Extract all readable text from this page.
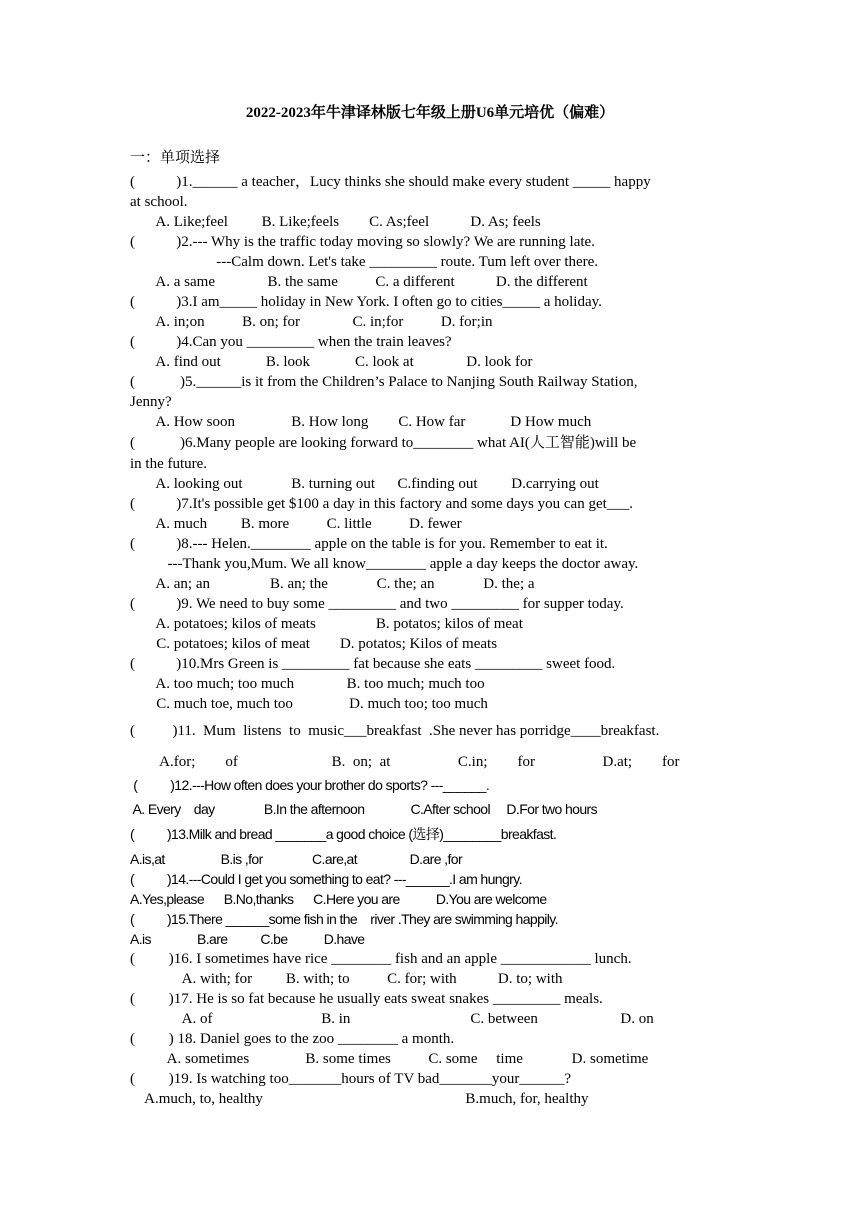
2022-2023年牛津译林版七年级上册U6单元培优（偏难）
一：单项选择
(           )1.______ a teacher，Lucy thinks she should make every student _____ happy
at school.
A. Like;feel         B. Like;feels        C. As;feel           D. As; feels
(           )2.--- Why is the traffic today moving so slowly? We are running late.
---Calm down. Let's take _________ route. Tum left over there.
A. a same              B. the same          C. a different           D. the different
(           )3.I am_____ holiday in New York. I often go to cities_____ a holiday.
A. in;on          B. on; for              C. in;for          D. for;in
(           )4.Can you _________ when the train leaves?
A. find out            B. look            C. look at              D. look for
(            )5.______is it from the Children’s Palace to Nanjing South Railway Station,
Jenny?
A. How soon               B. How long        C. How far            D How much
(            )6.Many people are looking forward to________ what AI(人工智能)will be
in the future.
A. looking out             B. turning out      C.finding out         D.carrying out
(           )7.It's possible get $100 a day in this factory and some days you can get___.
A. much         B. more          C. little          D. fewer
(           )8.--- Helen.________ apple on the table is for you. Remember to eat it.
---Thank you,Mum. We all know________ apple a day keeps the doctor away.
A. an; an                B. an; the             C. the; an             D. the; a
(           )9. We need to buy some _________ and two _________ for supper today.
A. potatoes; kilos of meats                B. potatos; kilos of meat
C. potatoes; kilos of meat        D. potatos; Kilos of meats
(           )10.Mrs Green is _________ fat because she eats _________ sweet food.
A. too much; too much              B. too much; much too
C. much toe, much too               D. much too; too much
(          )11.  Mum  listens  to  music___breakfast  .She never has porridge____breakfast.
A.for;        of                         B.  on;  at                  C.in;        for                  D.at;        for
(          )12.---How often does your brother do sports? ---______.
A. Every    day               B.In the afternoon              C.After school     D.For two hours
(          )13.Milk and bread _______a good choice (选择)________breakfast.
A.is,at                 B.is ,for               C.are,at                D.are ,for
(          )14.---Could I get you something to eat? ---______.I am hungry.
A.Yes,please      B.No,thanks      C.Here you are           D.You are welcome
(          )15.There ______some fish in the    river .They are swimming happily.
A.is              B.are          C.be           D.have
(         )16. I sometimes have rice ________ fish and an apple ____________ lunch.
A. with; for         B. with; to          C. for; with           D. to; with
(         )17. He is so fat because he usually eats sweat snakes _________ meals.
A. of                             B. in                                C. between                      D. on
(         ) 18. Daniel goes to the zoo ________ a month.
A. sometimes               B. some times          C. some     time             D. sometime
(         )19. Is watching too_______hours of TV bad_______your______?
A.much, to, healthy                                                      B.much, for, healthy
